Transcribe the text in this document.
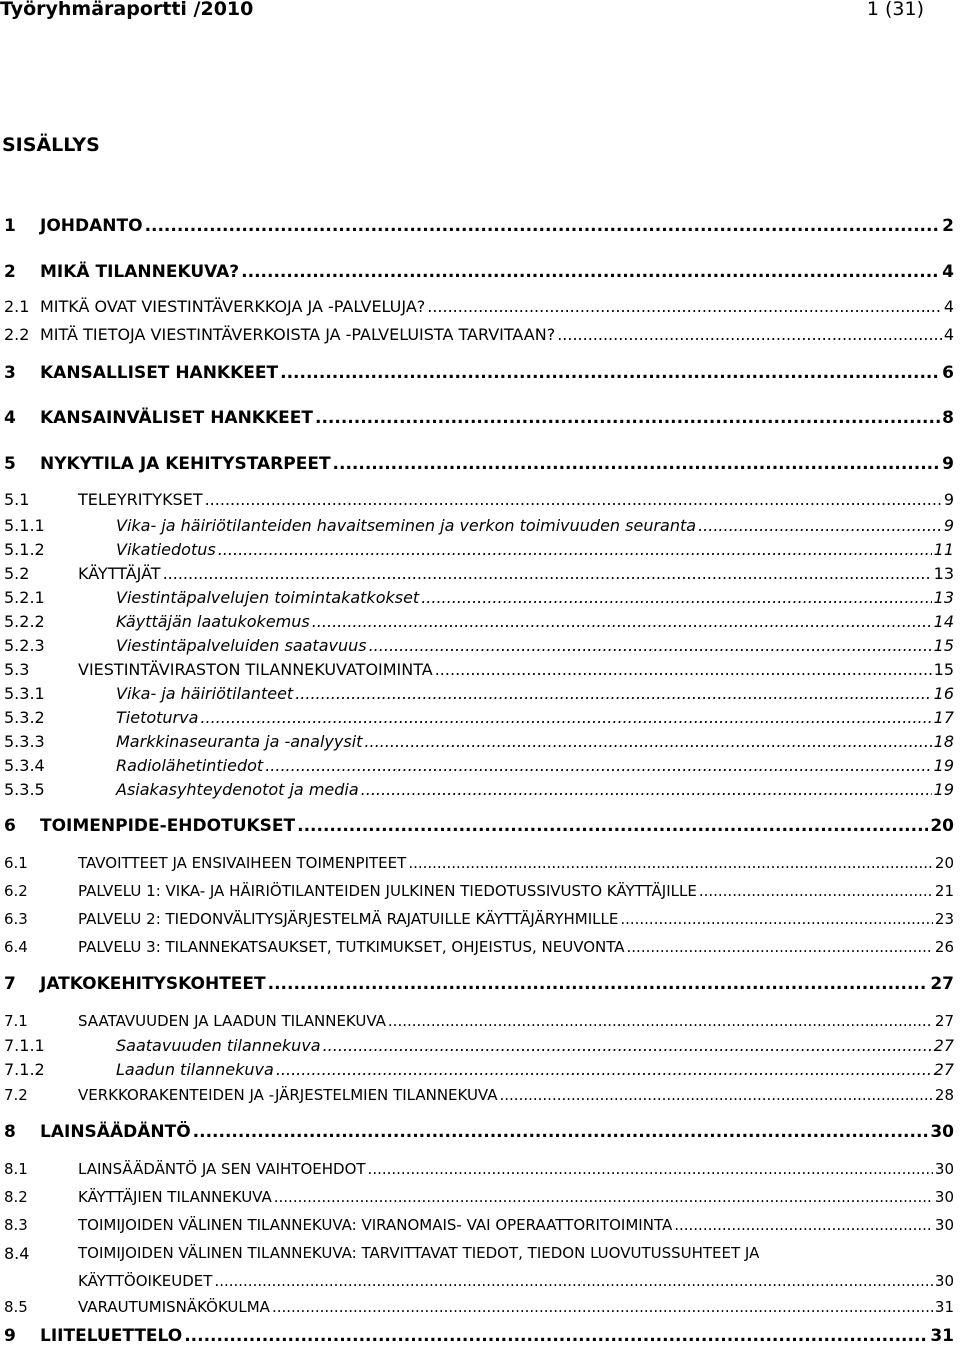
Työryhmäraportti /2010	1 (31)
SISÄLLYS
1 JOHDANTO .....	2
2 MIKÄ TILANNEKUVA? .....	4
2.1 MITKÄ OVAT VIESTINTÄVERKKOJA JA -PALVELUJA? .....	4
2.2 MITÄ TIETOJA VIESTINTÄVERKOISTA JA -PALVELUISTA TARVITAAN? .....	4
3 KANSALLISET HANKKEET .....	6
4 KANSAINVÄLISET HANKKEET .....	8
5 NYKYTILA JA KEHITYSTARPEET .....	9
5.1	TELEYRITYKSET .....	9
5.1.1	Vika- ja häiriötilanteiden havaitseminen ja verkon toimivuuden seuranta .....	9
5.1.2	Vikatiedotus .....	11
5.2	KÄYTTÄJÄT .....	13
5.2.1	Viestintäpalvelujen toimintakatkokset .....	13
5.2.2	Käyttäjän laatukokemus .....	14
5.2.3	Viestintäpalveluiden saatavuus .....	15
5.3	VIESTINTÄVIRASTON TILANNEKUVATOIMINTA .....	15
5.3.1	Vika- ja häiriötilanteet .....	16
5.3.2	Tietoturva .....	17
5.3.3	Markkinaseuranta ja -analyysit .....	18
5.3.4	Radiolähetintiedot .....	19
5.3.5	Asiakasyhteydenotot ja media .....	19
6 TOIMENPIDE-EHDOTUKSET .....	20
6.1	TAVOITTEET JA ENSIVAIHEEN TOIMENPITEET .....	20
6.2	PALVELU 1: VIKA- JA HÄIRIÖTILANTEIDEN JULKINEN TIEDOTUSSIVUSTO KÄYTTÄJILLE .....	21
6.3	PALVELU 2: TIEDONVÄLITYSJÄRJESTELMÄ RAJATUILLE KÄYTTÄJÄRYHMILLE .....	23
6.4	PALVELU 3: TILANNEKATSAUKSET, TUTKIMUKSET, OHJEISTUS, NEUVONTA .....	26
7 JATKOKEHITYSKOHTEET .....	27
7.1	SAATAVUUDEN JA LAADUN TILANNEKUVA .....	27
7.1.1	Saatavuuden tilannekuva .....	27
7.1.2	Laadun tilannekuva .....	27
7.2	VERKKORAKENTEIDEN JA -JÄRJESTELMIEN TILANNEKUVA .....	28
8 LAINSÄÄDÄNTÖ .....	30
8.1	LAINSÄÄDÄNTÖ JA SEN VAIHTOEHDOT .....	30
8.2	KÄYTTÄJIEN TILANNEKUVA .....	30
8.3	TOIMIJOIDEN VÄLINEN TILANNEKUVA: VIRANOMAIS- VAI OPERAATTORITOIMINTA .....	30
8.4	TOIMIJOIDEN VÄLINEN TILANNEKUVA: TARVITTAVAT TIEDOT, TIEDON LUOVUTUSSUHTEET JA
KÄYTTÖOIKEUDET .....	30
8.5	VARAUTUMISNÄKÖKULMA .....	31
9 LIITELUETTELO .....	31
